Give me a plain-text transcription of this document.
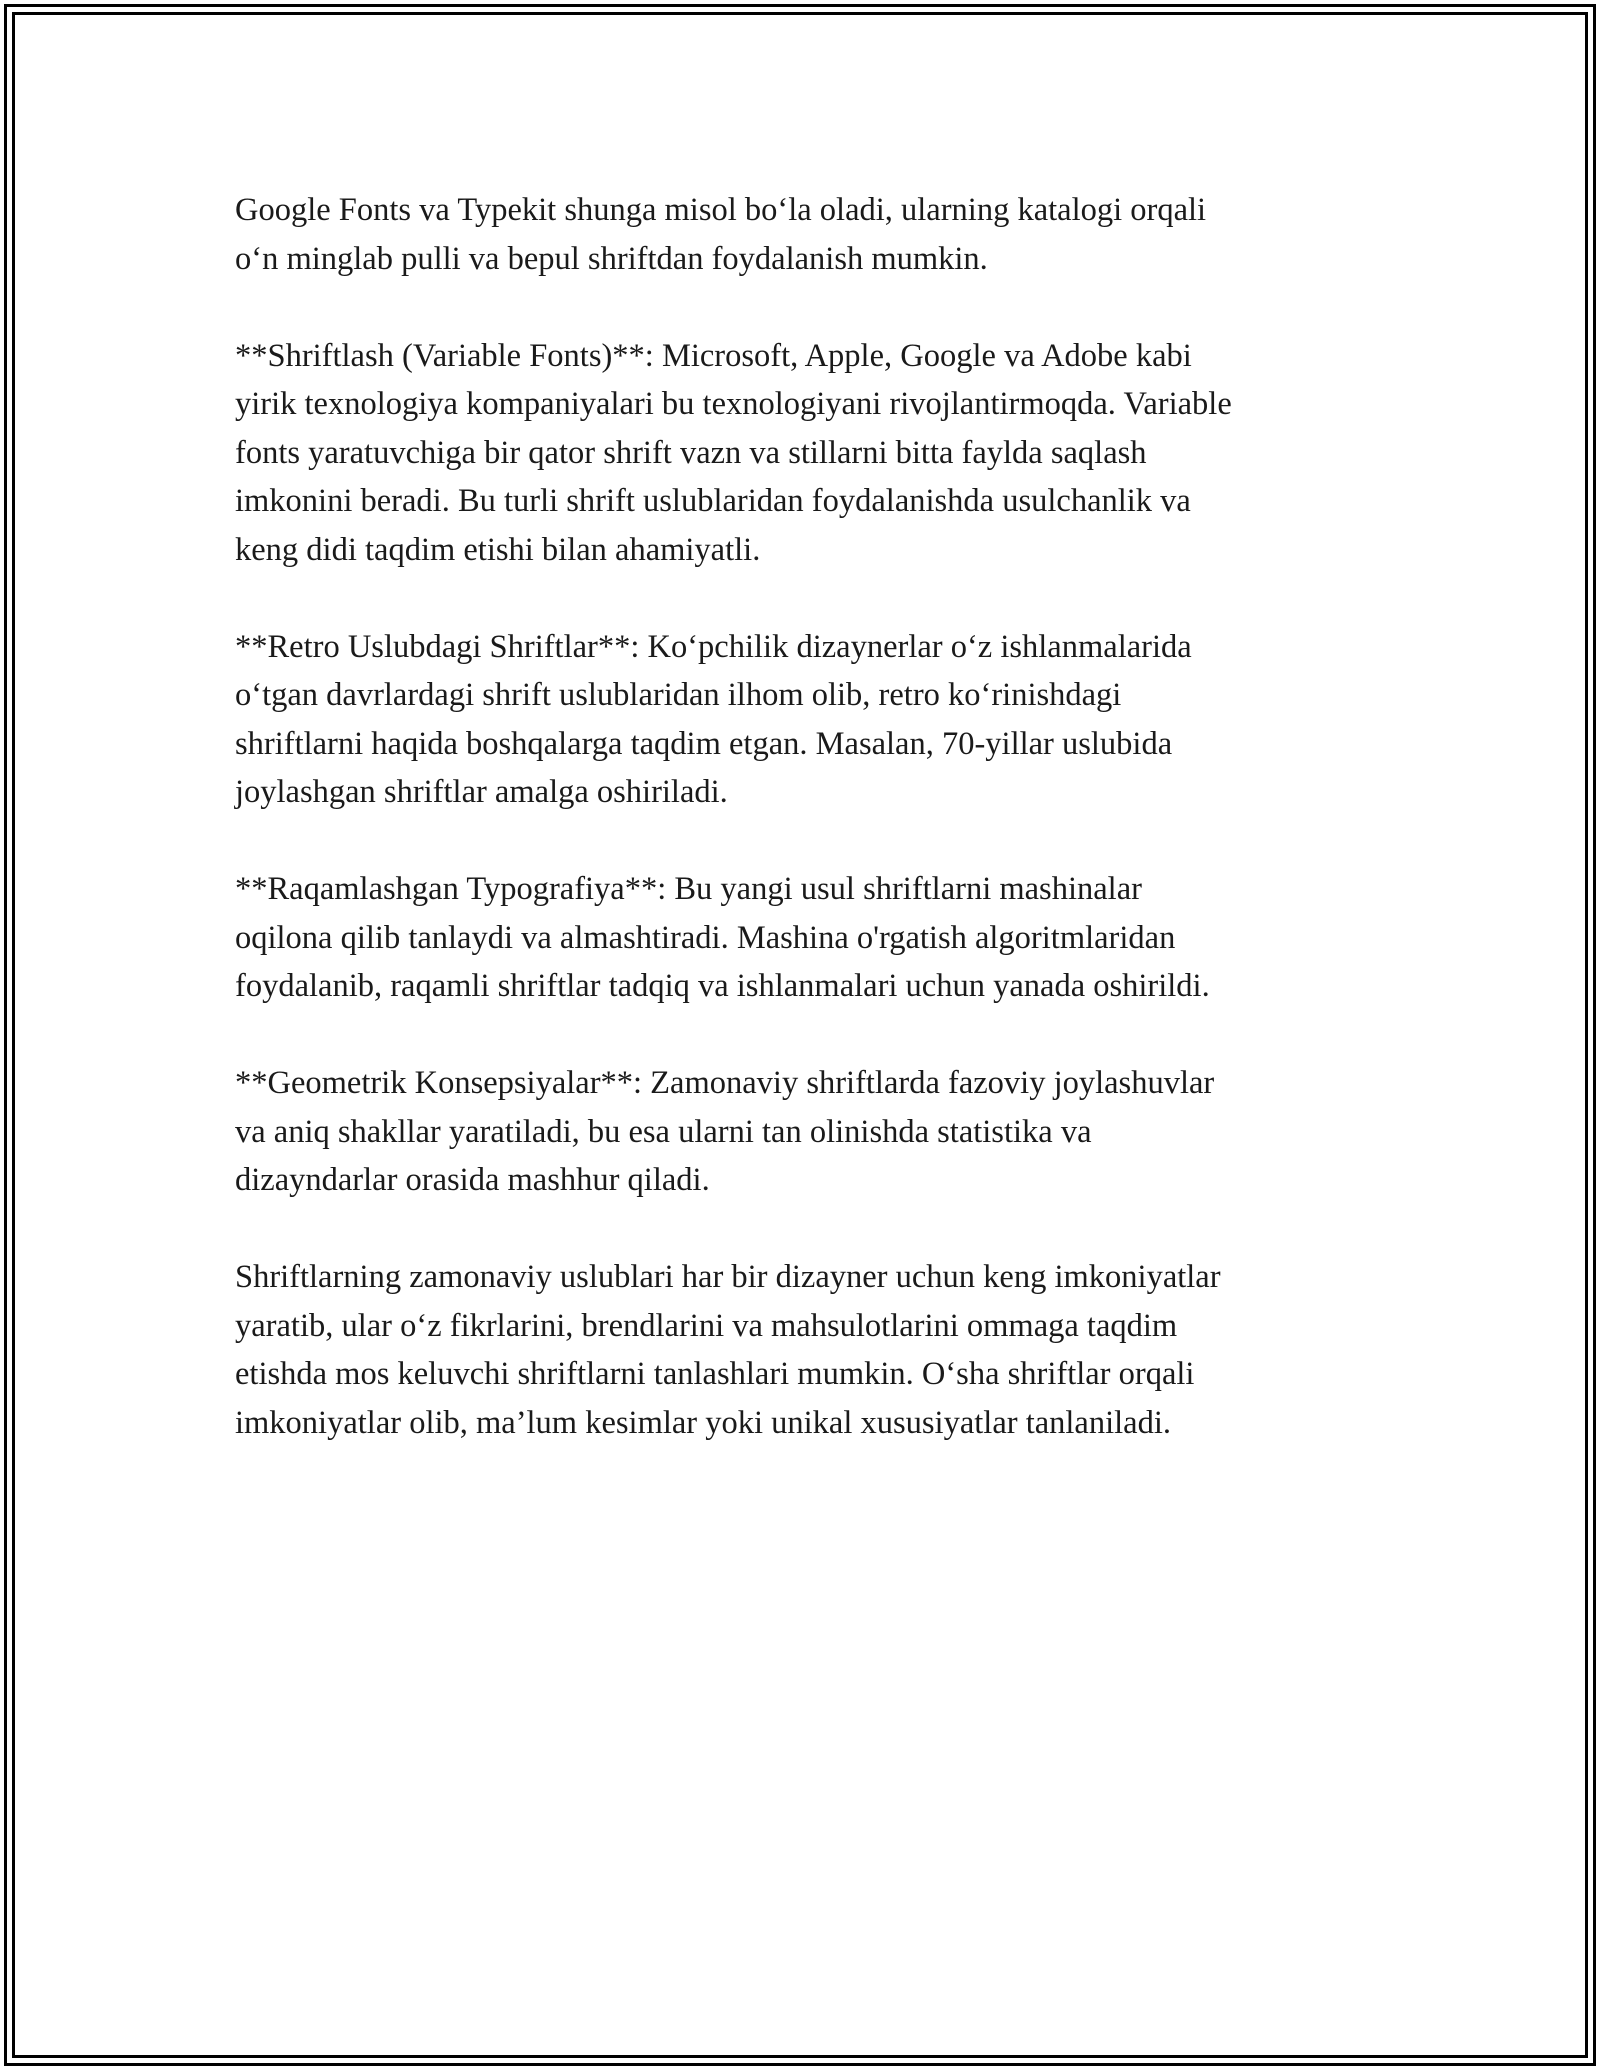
Google Fonts va Typekit shunga misol bo‘la oladi, ularning katalogi orqali
o‘n minglab pulli va bepul shriftdan foydalanish mumkin.

**Shriftlash (Variable Fonts)**: Microsoft, Apple, Google va Adobe kabi
yirik texnologiya kompaniyalari bu texnologiyani rivojlantirmoqda. Variable
fonts yaratuvchiga bir qator shrift vazn va stillarni bitta faylda saqlash
imkonini beradi. Bu turli shrift uslublaridan foydalanishda usulchanlik va
keng didi taqdim etishi bilan ahamiyatli.

**Retro Uslubdagi Shriftlar**: Ko‘pchilik dizaynerlar o‘z ishlanmalarida
o‘tgan davrlardagi shrift uslublaridan ilhom olib, retro ko‘rinishdagi
shriftlarni haqida boshqalarga taqdim etgan. Masalan, 70-yillar uslubida
joylashgan shriftlar amalga oshiriladi.

**Raqamlashgan Typografiya**: Bu yangi usul shriftlarni mashinalar
oqilona qilib tanlaydi va almashtiradi. Mashina o'rgatish algoritmlaridan
foydalanib, raqamli shriftlar tadqiq va ishlanmalari uchun yanada oshirildi.

**Geometrik Konsepsiyalar**: Zamonaviy shriftlarda fazoviy joylashuvlar
va aniq shakllar yaratiladi, bu esa ularni tan olinishda statistika va
dizayndarlar orasida mashhur qiladi.

Shriftlarning zamonaviy uslublari har bir dizayner uchun keng imkoniyatlar
yaratib, ular o‘z fikrlarini, brendlarini va mahsulotlarini ommaga taqdim
etishda mos keluvchi shriftlarni tanlashlari mumkin. O‘sha shriftlar orqali
imkoniyatlar olib, ma’lum kesimlar yoki unikal xususiyatlar tanlaniladi.
